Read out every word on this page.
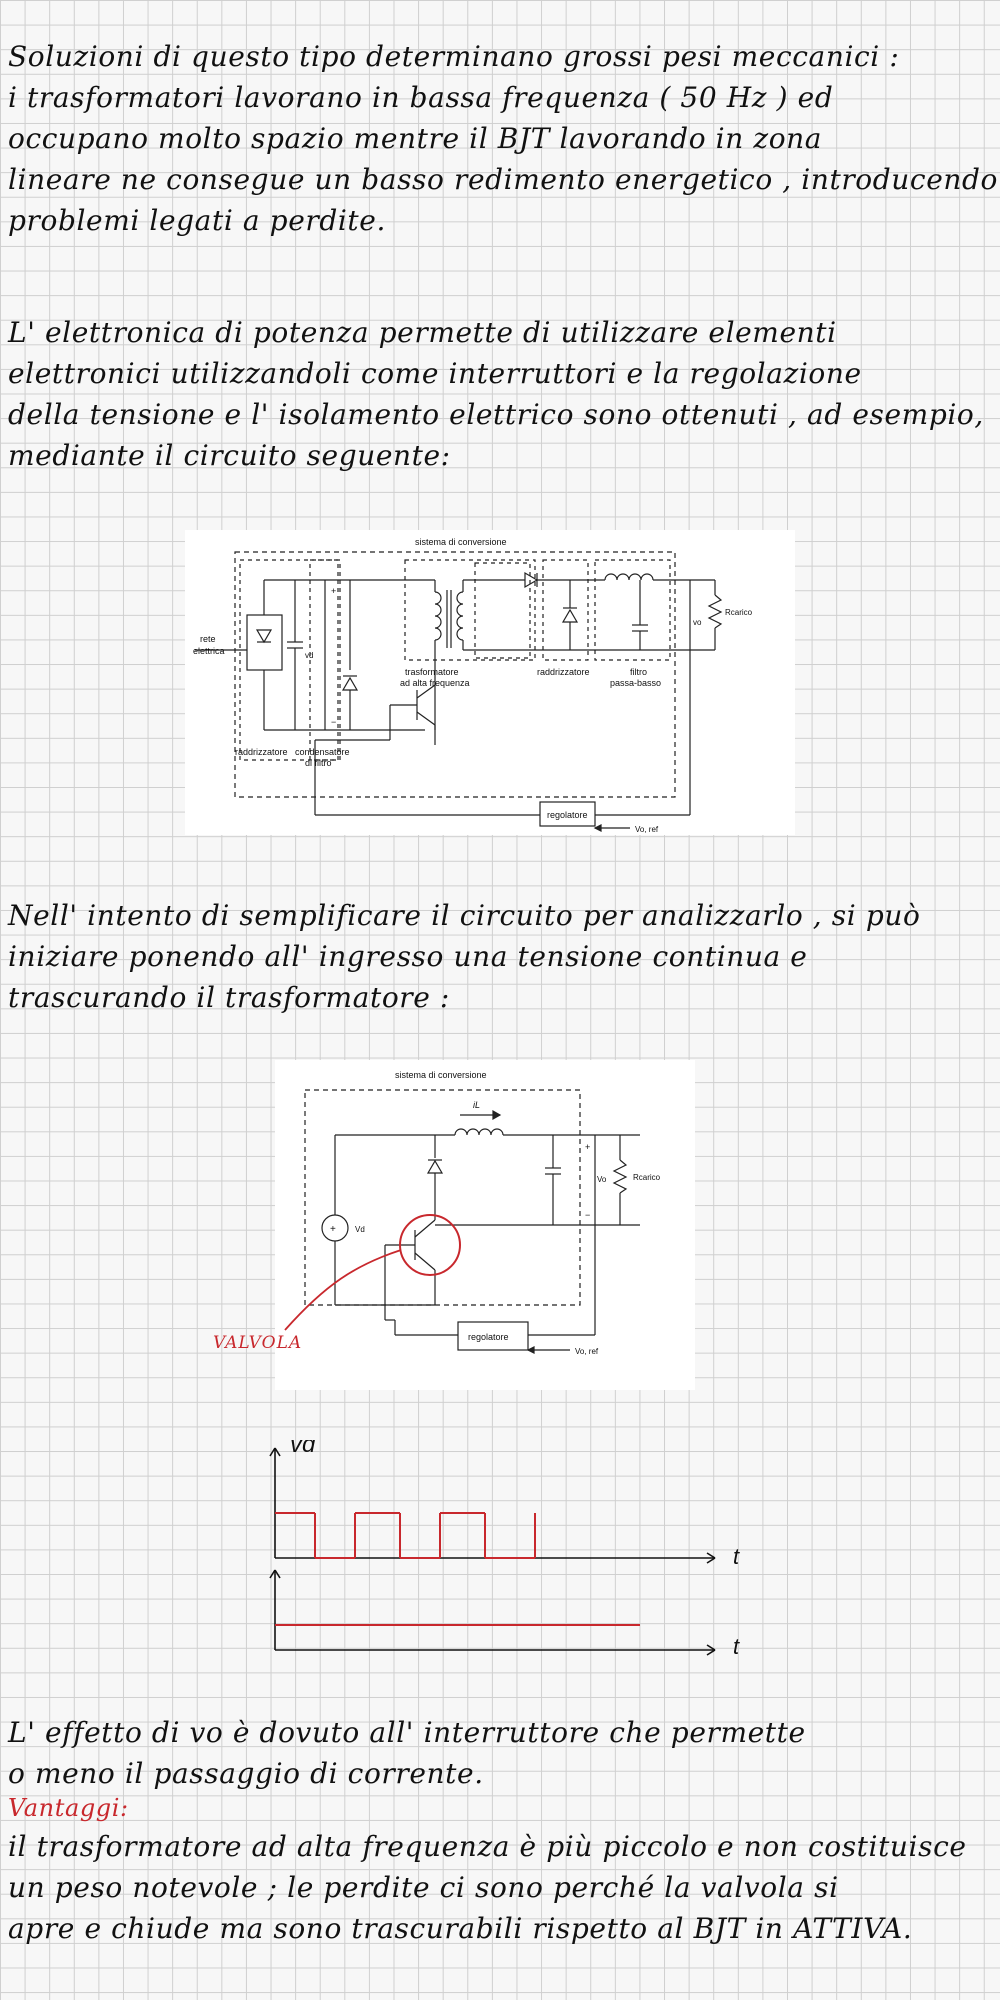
Soluzioni di questo tipo determinano grossi pesi meccanici :

i trasformatori lavorano in bassa frequenza ( 50 Hz ) ed

occupano molto spazio mentre il BJT lavorando in zona

lineare ne consegue un basso redimento energetico , introducendo

problemi legati a perdite.

L' elettronica di potenza permette di utilizzare elementi

elettronici utilizzandoli come interruttori e la regolazione

della tensione e l' isolamento elettrico sono ottenuti , ad esempio,

mediante il circuito seguente:

sistema di conversione
rete
elettrica	vd
+
−
trasformatore
ad alta frequenza
raddrizzatore	filtro
passa-basso
raddrizzatore condensatore
di filtro
vo
Rcarico
regolatore
Vo, ref

Nell' intento di semplificare il circuito per analizzarlo , si può

iniziare ponendo all' ingresso una tensione continua e

trascurando il trasformatore :

sistema di conversione
iL
Vd
+
+
−
Vo	Rcarico
regolatore
Vo, ref
VALVOLA
vd
t
t

L' effetto di vo è dovuto all' interruttore che permette

o meno il passaggio di corrente.

Vantaggi:

il trasformatore ad alta frequenza è più piccolo e non costituisce

un peso notevole ; le perdite ci sono perché la valvola si

apre e chiude ma sono trascurabili rispetto al BJT in ATTIVA.
